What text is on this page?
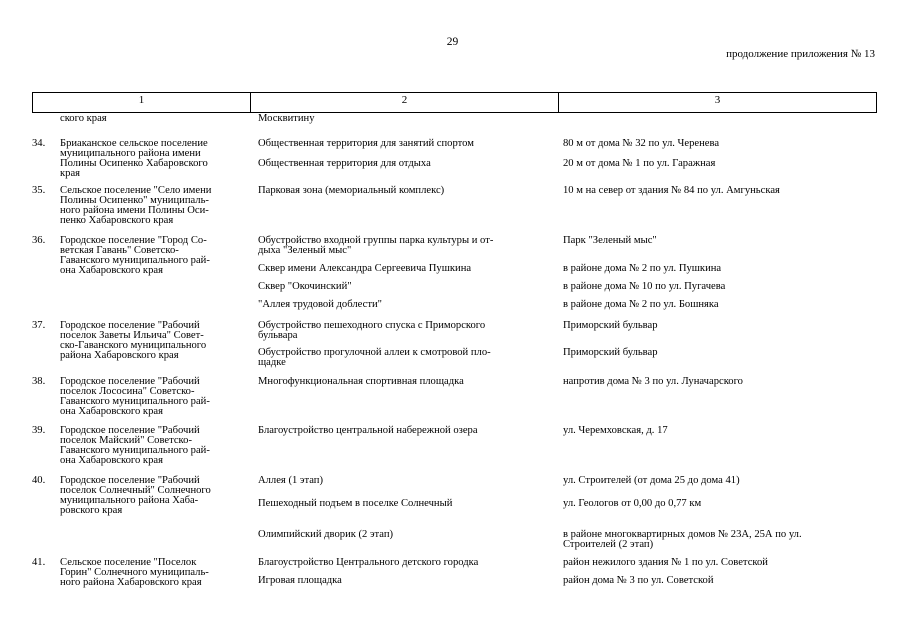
29
продолжение приложения № 13
1	2	3
ского края	Москвитину
34.	Бриаканское сельское поселение
муниципального района имени
Полины Осипенко Хабаровского
края
Общественная территория для занятий спортом	80 м от дома № 32 по ул. Черенева
Общественная территория для отдыха	20 м от дома № 1 по ул. Гаражная
35.	Сельское поселение "Село имени
Полины Осипенко" муниципаль-
ного района имени Полины Оси-
пенко Хабаровского края
Парковая зона (мемориальный комплекс)	10 м на север от здания № 84 по ул. Амгуньская
36.	Городское поселение "Город Со-
ветская Гавань" Советско-
Гаванского муниципального рай-
она Хабаровского края
Обустройство входной группы парка культуры и от-
дыха "Зеленый мыс"
Парк "Зеленый мыс"
Сквер имени Александра Сергеевича Пушкина	в районе дома № 2 по ул. Пушкина
Сквер "Окочинский"	в районе дома № 10 по ул. Пугачева
"Аллея трудовой доблести"	в районе дома № 2 по ул. Бошняка
37.	Городское поселение "Рабочий
поселок Заветы Ильича" Совет-
ско-Гаванского муниципального
района Хабаровского края
Обустройство пешеходного спуска с Приморского
бульвара
Приморский бульвар
Обустройство прогулочной аллеи к смотровой пло-
щадке
Приморский бульвар
38.	Городское поселение "Рабочий
поселок Лососина" Советско-
Гаванского муниципального рай-
она Хабаровского края
Многофункциональная спортивная площадка	напротив дома № 3 по ул. Луначарского
39.	Городское поселение "Рабочий
поселок Майский" Советско-
Гаванского муниципального рай-
она Хабаровского края
Благоустройство центральной набережной озера	ул. Черемховская, д. 17
40.	Городское поселение "Рабочий
поселок Солнечный" Солнечного
муниципального района Хаба-
ровского края
Аллея (1 этап)	ул. Строителей (от дома 25 до дома 41)
Пешеходный подъем в поселке Солнечный	ул. Геологов от 0,00 до 0,77 км
Олимпийский дворик (2 этап)	в районе многоквартирных домов № 23А, 25А по ул.
Строителей (2 этап)
41.	Сельское поселение "Поселок
Горин" Солнечного муниципаль-
ного района Хабаровского края
Благоустройство Центрального детского городка	район нежилого здания № 1 по ул. Советской
Игровая площадка	район дома № 3 по ул. Советской
